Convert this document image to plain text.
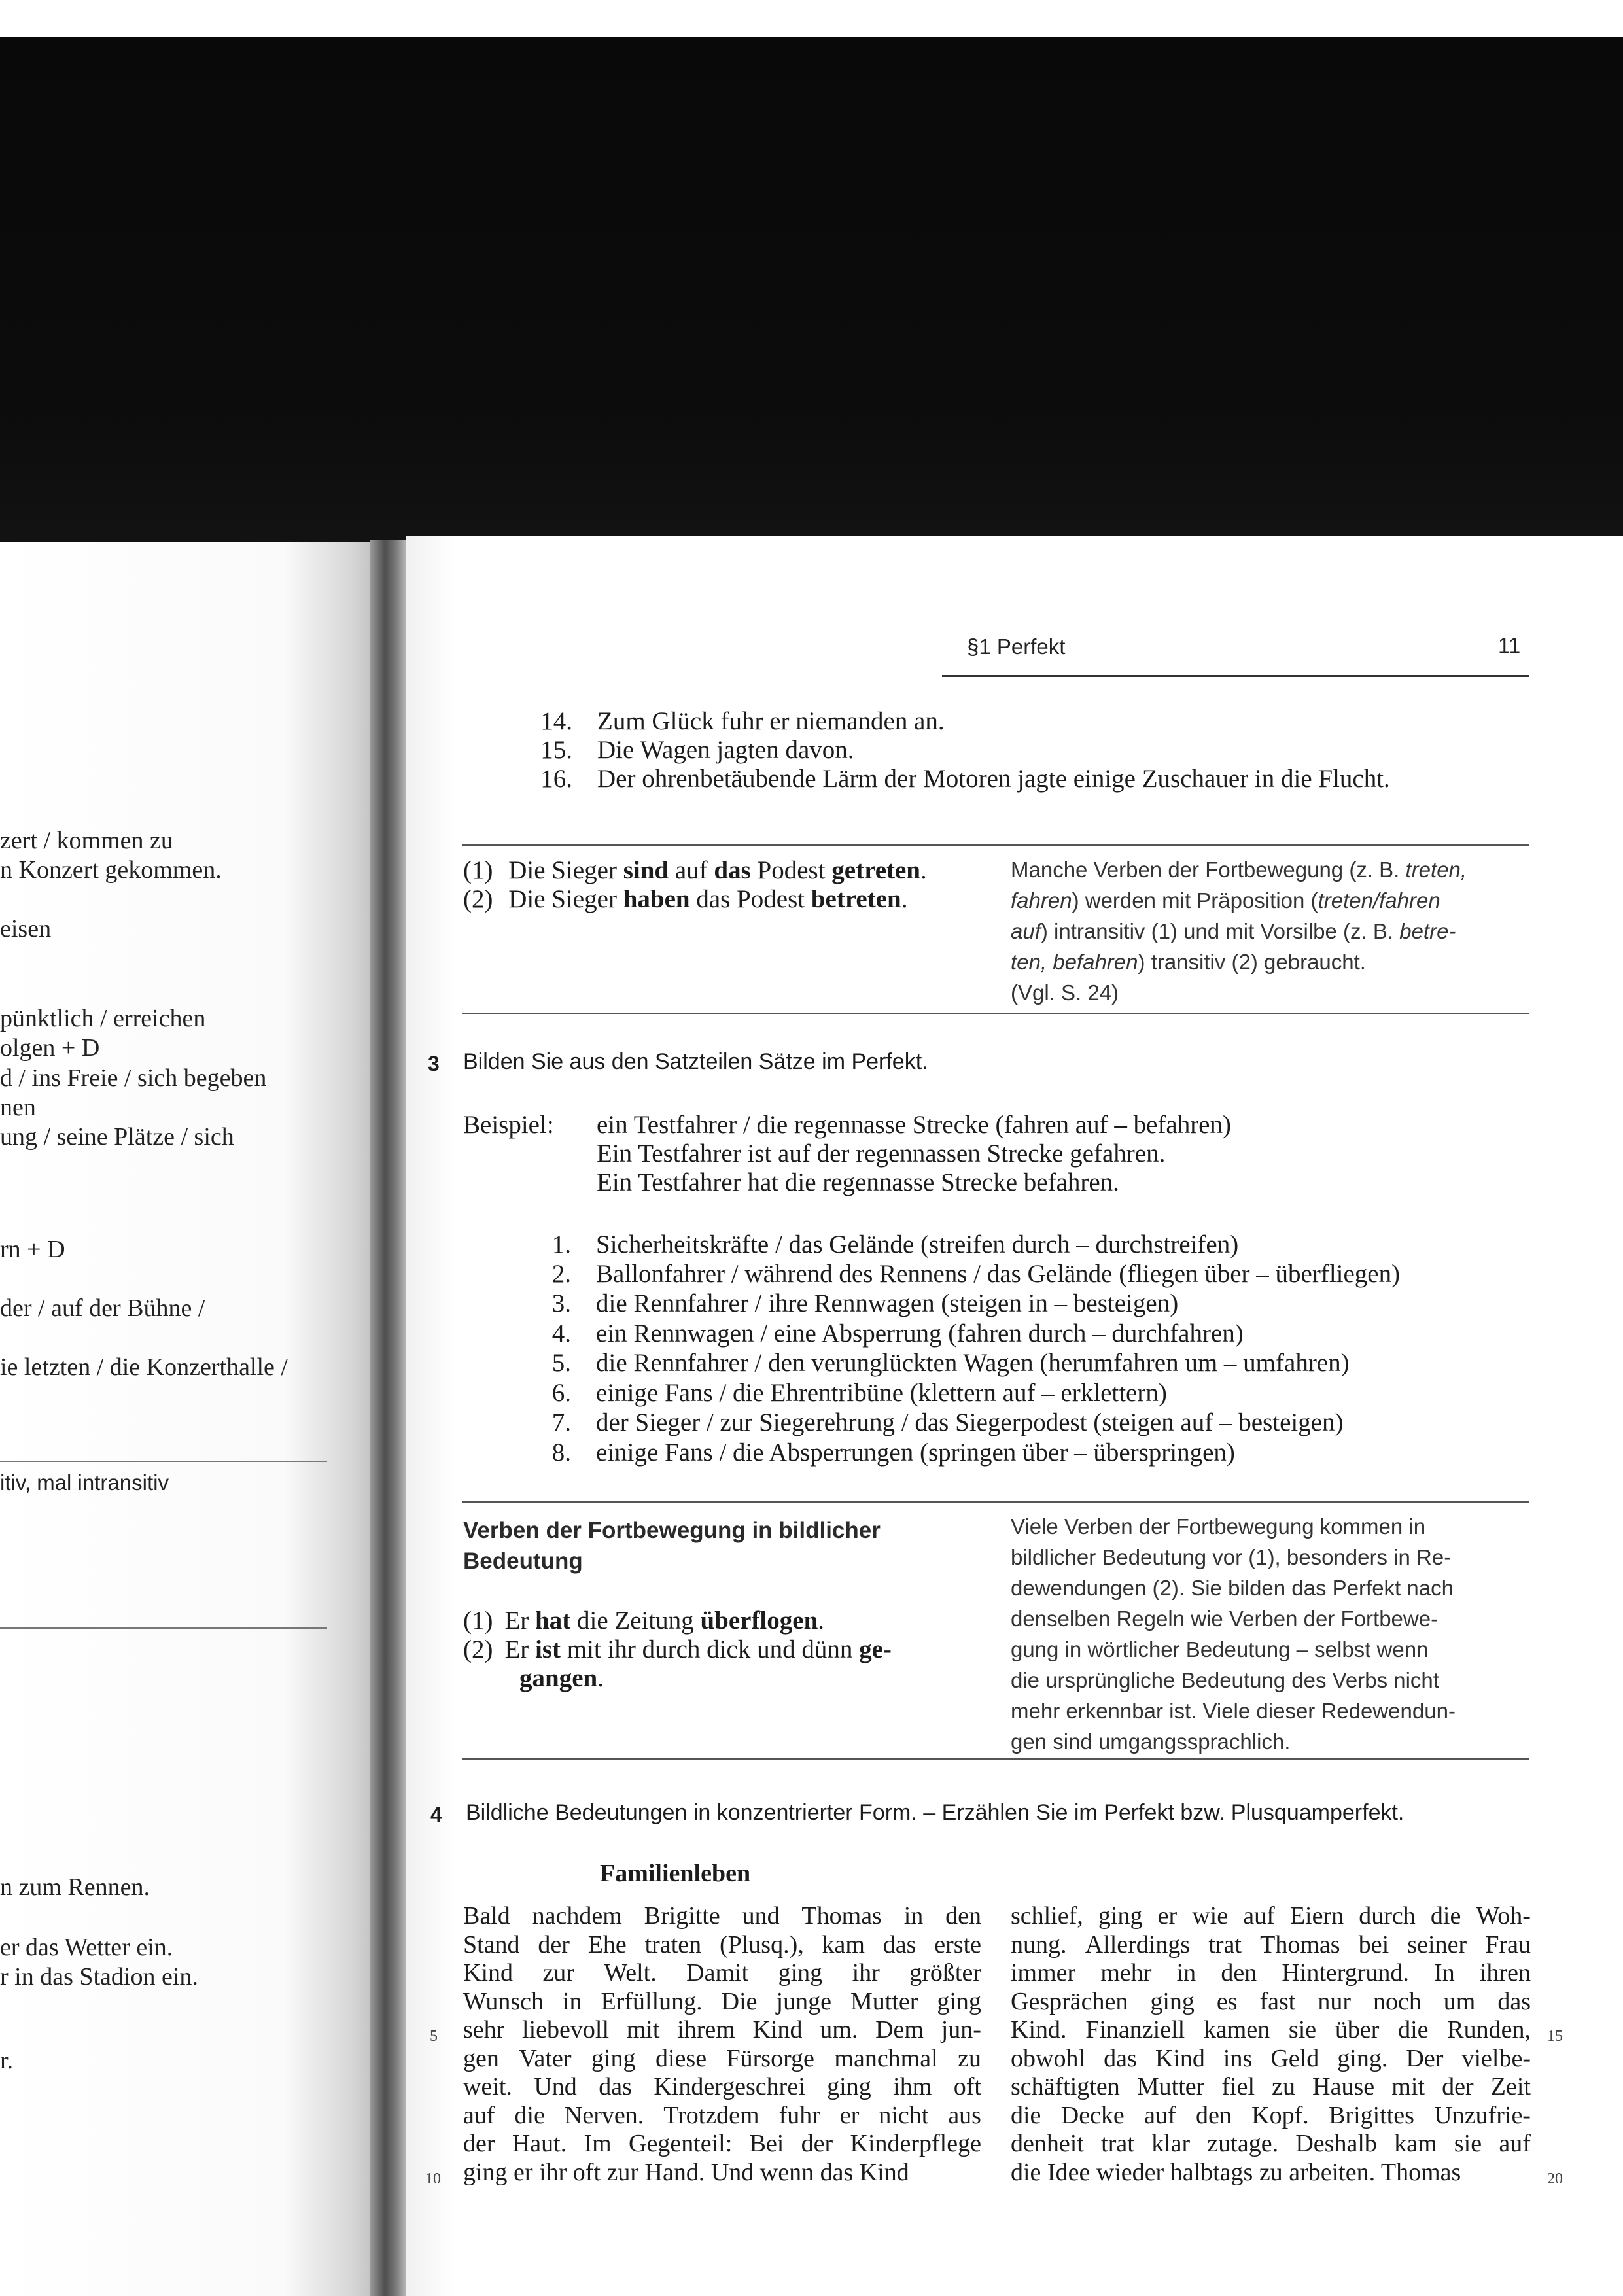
zert / kommen zu
n Konzert gekommen.
eisen
pünktlich / erreichen
olgen + D
d / ins Freie / sich begeben
nen
ung / seine Plätze / sich
rn + D
der / auf der Bühne /
ie letzten / die Konzerthalle /
itiv, mal intransitiv
n zum Rennen.
er das Wetter ein.
r in das Stadion ein.
r.
§1 Perfekt	11
14. Zum Glück fuhr er niemanden an.
15. Die Wagen jagten davon.
16. Der ohrenbetäubende Lärm der Motoren jagte einige Zuschauer in die Flucht.
(1) Die Sieger sind auf das Podest getreten.
(2) Die Sieger haben das Podest betreten.
Manche Verben der Fortbewegung (z. B. treten,
fahren) werden mit Präposition (treten/fahren
auf) intransitiv (1) und mit Vorsilbe (z. B. betre-
ten, befahren) transitiv (2) gebraucht.
(Vgl. S. 24)
3 Bilden Sie aus den Satzteilen Sätze im Perfekt.
Beispiel: ein Testfahrer / die regennasse Strecke (fahren auf – befahren)
Ein Testfahrer ist auf der regennassen Strecke gefahren.
Ein Testfahrer hat die regennasse Strecke befahren.
1. Sicherheitskräfte / das Gelände (streifen durch – durchstreifen)
2. Ballonfahrer / während des Rennens / das Gelände (fliegen über – überfliegen)
3. die Rennfahrer / ihre Rennwagen (steigen in – besteigen)
4. ein Rennwagen / eine Absperrung (fahren durch – durchfahren)
5. die Rennfahrer / den verunglückten Wagen (herumfahren um – umfahren)
6. einige Fans / die Ehrentribüne (klettern auf – erklettern)
7. der Sieger / zur Siegerehrung / das Siegerpodest (steigen auf – besteigen)
8. einige Fans / die Absperrungen (springen über – überspringen)
Verben der Fortbewegung in bildlicher
Bedeutung
(1) Er hat die Zeitung überflogen.
(2) Er ist mit ihr durch dick und dünn ge-
gangen.
Viele Verben der Fortbewegung kommen in
bildlicher Bedeutung vor (1), besonders in Re-
dewendungen (2). Sie bilden das Perfekt nach
denselben Regeln wie Verben der Fortbewe-
gung in wörtlicher Bedeutung – selbst wenn
die ursprüngliche Bedeutung des Verbs nicht
mehr erkennbar ist. Viele dieser Redewendun-
gen sind umgangssprachlich.
4 Bildliche Bedeutungen in konzentrierter Form. – Erzählen Sie im Perfekt bzw. Plusquamperfekt.
Familienleben
Bald nachdem Brigitte und Thomas in den
Stand der Ehe traten (Plusq.), kam das erste
Kind zur Welt. Damit ging ihr größter
Wunsch in Erfüllung. Die junge Mutter ging
sehr liebevoll mit ihrem Kind um. Dem jun-
gen Vater ging diese Fürsorge manchmal zu
weit. Und das Kindergeschrei ging ihm oft
auf die Nerven. Trotzdem fuhr er nicht aus
der Haut. Im Gegenteil: Bei der Kinderpflege
ging er ihr oft zur Hand. Und wenn das Kind
schlief, ging er wie auf Eiern durch die Woh-
nung. Allerdings trat Thomas bei seiner Frau
immer mehr in den Hintergrund. In ihren
Gesprächen ging es fast nur noch um das
Kind. Finanziell kamen sie über die Runden,
obwohl das Kind ins Geld ging. Der vielbe-
schäftigten Mutter fiel zu Hause mit der Zeit
die Decke auf den Kopf. Brigittes Unzufrie-
denheit trat klar zutage. Deshalb kam sie auf
die Idee wieder halbtags zu arbeiten. Thomas
5
10
15
20
